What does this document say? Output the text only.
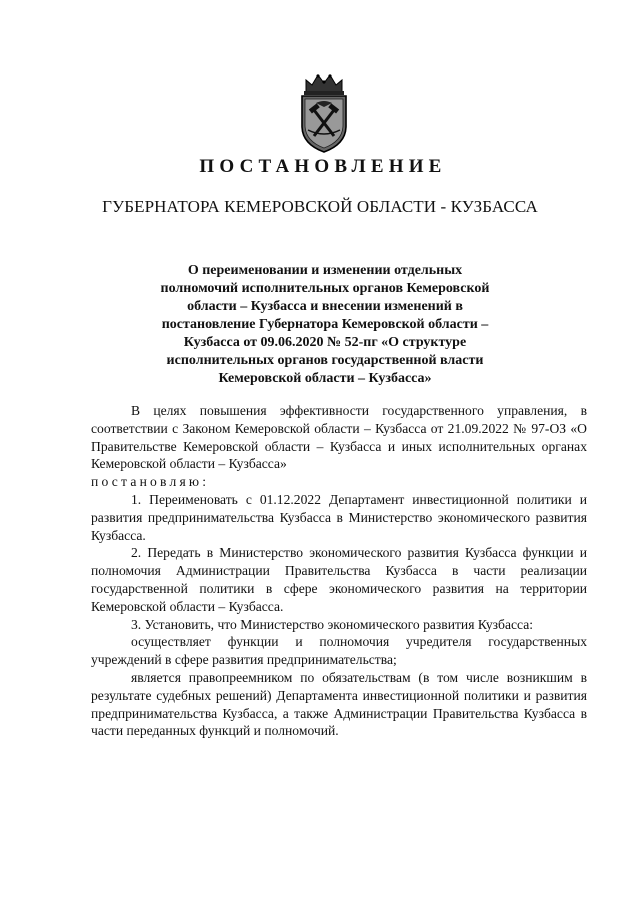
ПОСТАНОВЛЕНИЕ
ГУБЕРНАТОРА КЕМЕРОВСКОЙ ОБЛАСТИ - КУЗБАССА
О переименовании и изменении отдельных
полномочий исполнительных органов Кемеровской
области – Кузбасса и внесении изменений в
постановление Губернатора Кемеровской области –
Кузбасса от 09.06.2020 № 52-пг «О структуре
исполнительных органов государственной власти
Кемеровской области – Кузбасса»

В целях повышения эффективности государственного управления, в соответствии с Законом Кемеровской области – Кузбасса от 21.09.2022 № 97-ОЗ «О Правительстве Кемеровской области – Кузбасса и иных исполнительных органах Кемеровской области – Кузбасса»

постановляю:

1. Переименовать с 01.12.2022 Департамент инвестиционной политики и развития предпринимательства Кузбасса в Министерство экономического развития Кузбасса.

2. Передать в Министерство экономического развития Кузбасса функции и полномочия Администрации Правительства Кузбасса в части реализации государственной политики в сфере экономического развития на территории Кемеровской области – Кузбасса.

3. Установить, что Министерство экономического развития Кузбасса:

осуществляет функции и полномочия учредителя государственных учреждений в сфере развития предпринимательства;

является правопреемником по обязательствам (в том числе возникшим в результате судебных решений) Департамента инвестиционной политики и развития предпринимательства Кузбасса, а также Администрации Правительства Кузбасса в части переданных функций и полномочий.
